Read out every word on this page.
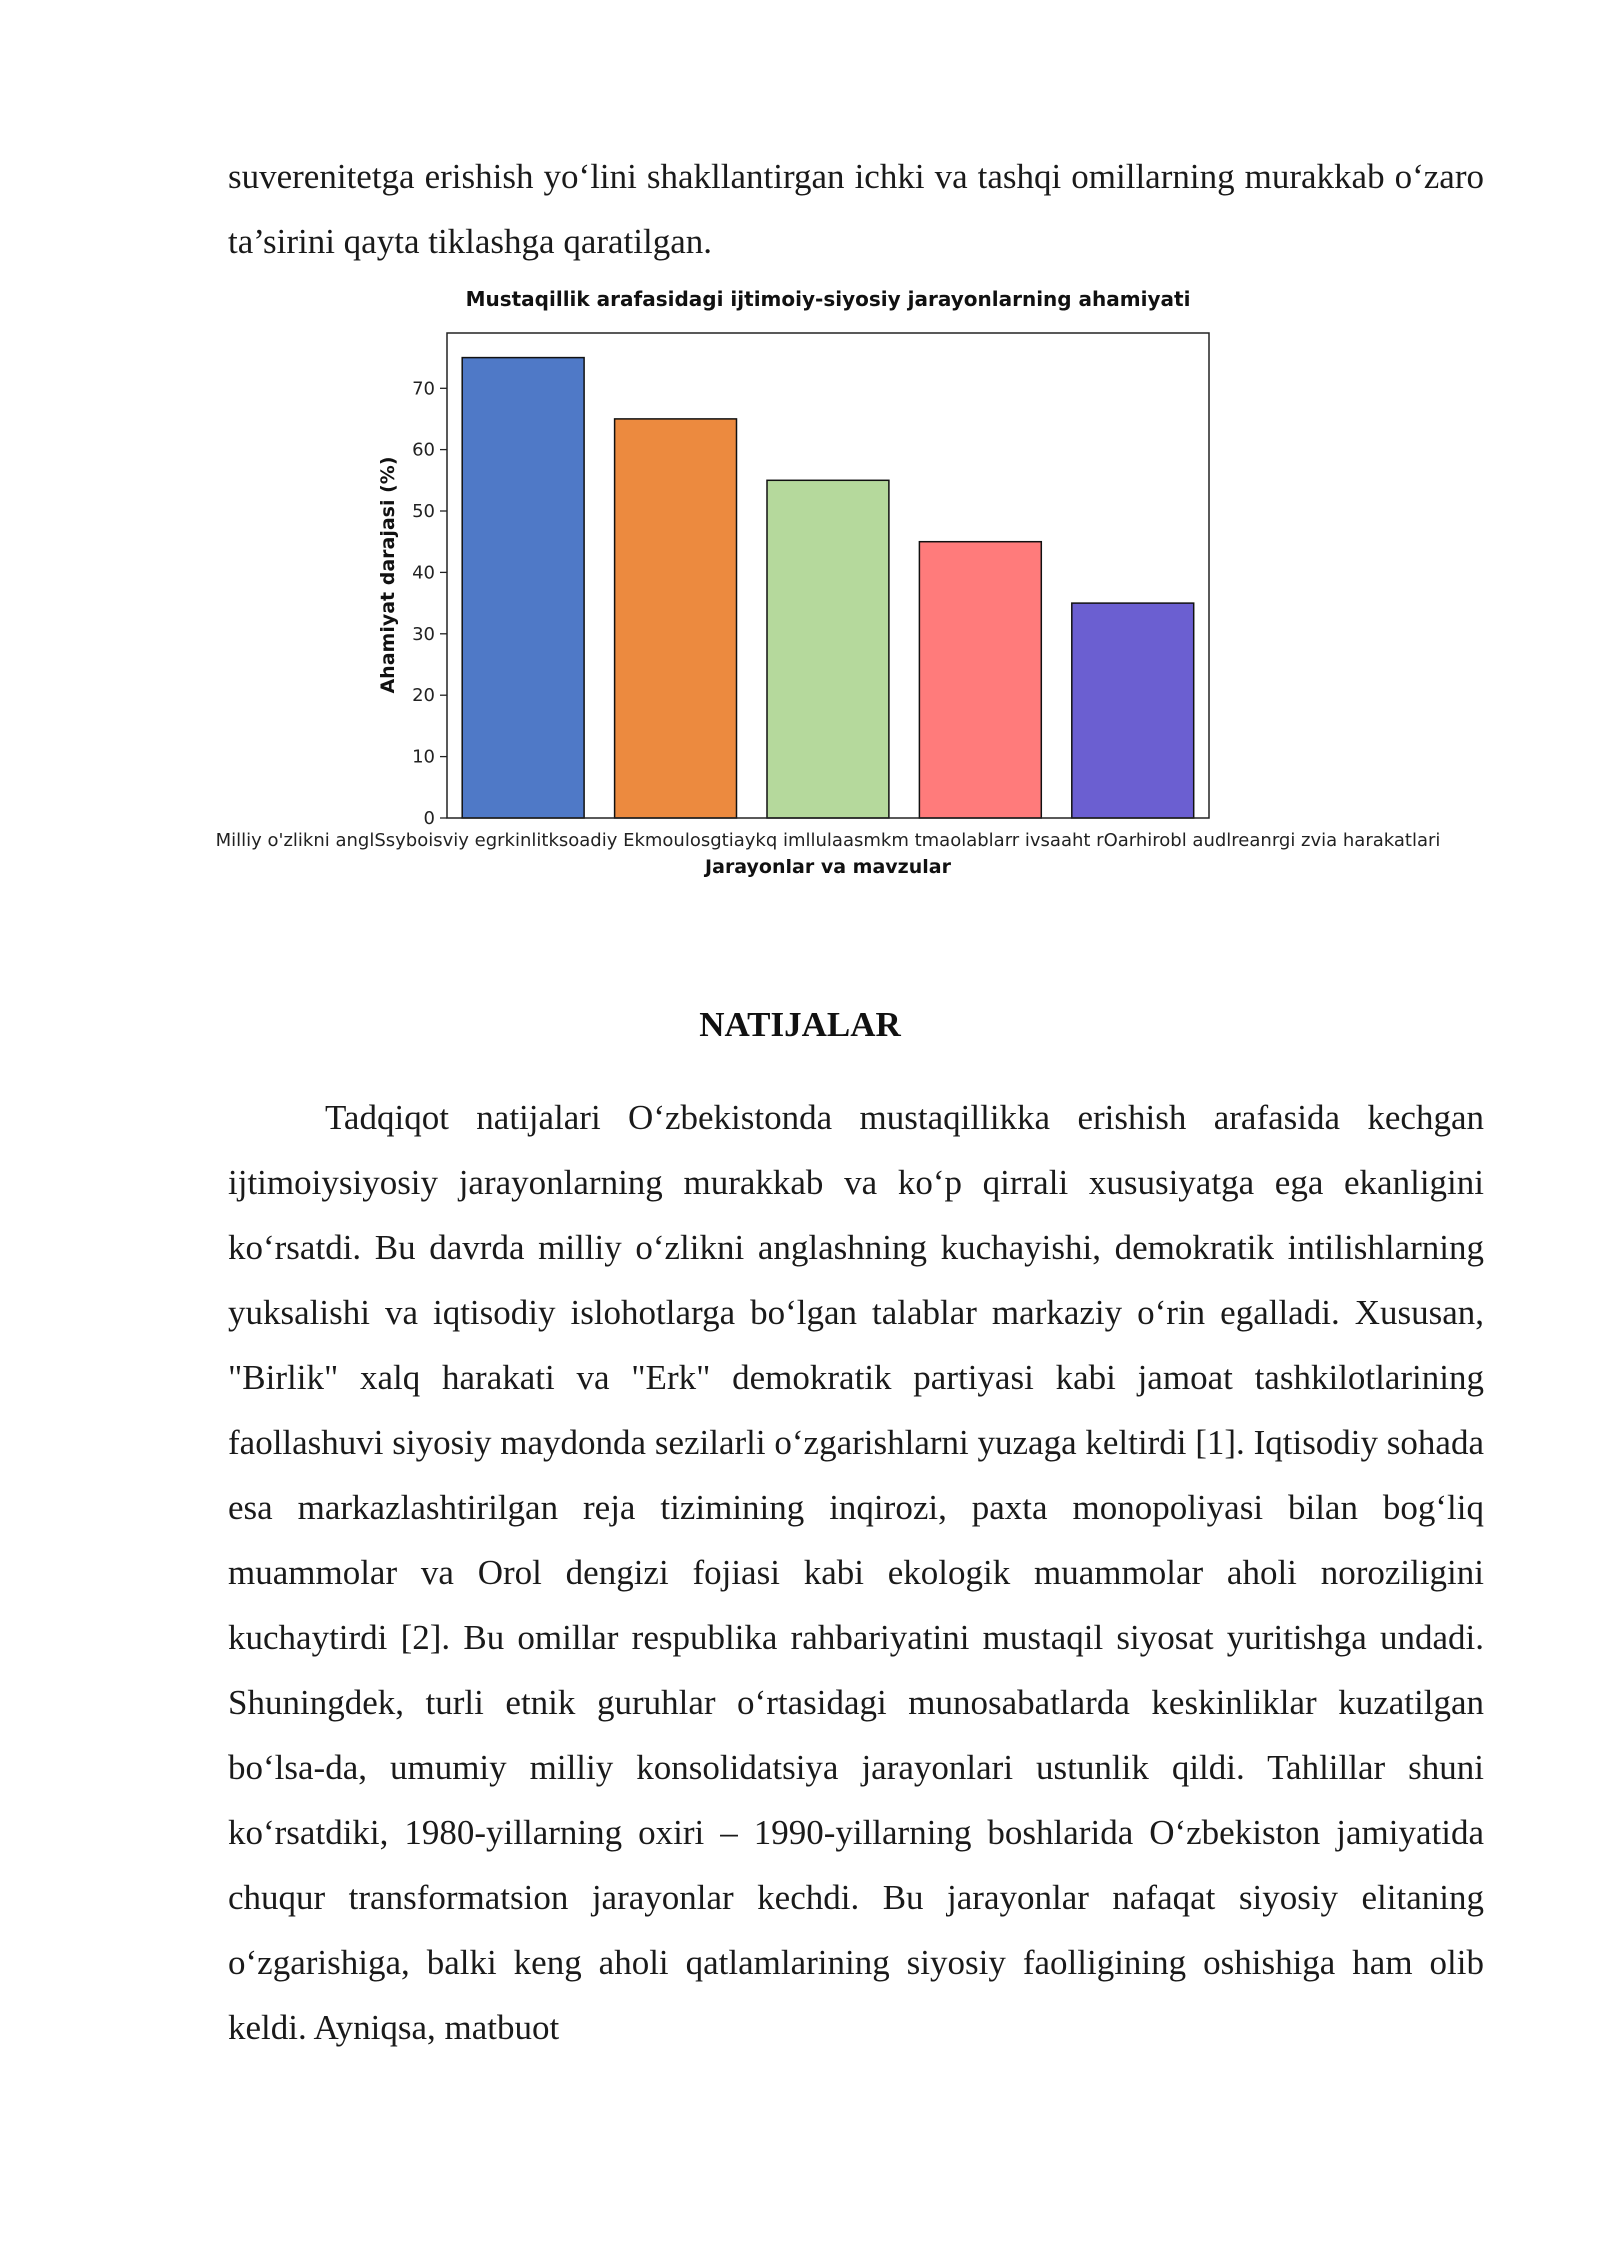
suverenitetga erishish yo‘lini shakllantirgan ichki va tashqi omillarning murakkab o‘zaro ta’sirini qayta tiklashga qaratilgan.

Mustaqillik arafasidagi ijtimoiy-siyosiy jarayonlarning ahamiyati
0
10
20
30
40
50
60
70
Milliy o'zlikni anglSsyboisviy egrkinlitksoadiy Ekmoulosgtiaykq imllulaasmkm tmaolablarr ivsaaht rOarhirobl audlreanrgi zvia harakatlari
Jarayonlar va mavzular
Ahamiyat darajasi (%)
NATIJALAR

Tadqiqot natijalari O‘zbekistonda mustaqillikka erishish arafasida kechgan ijtimoiysiyosiy jarayonlarning murakkab va ko‘p qirrali xususiyatga ega ekanligini ko‘rsatdi. Bu davrda milliy o‘zlikni anglashning kuchayishi, demokratik intilishlarning yuksalishi va iqtisodiy islohotlarga bo‘lgan talablar markaziy o‘rin egalladi. Xususan, "Birlik" xalq harakati va "Erk" demokratik partiyasi kabi jamoat tashkilotlarining faollashuvi siyosiy maydonda sezilarli o‘zgarishlarni yuzaga keltirdi [1]. Iqtisodiy sohada esa markazlashtirilgan reja tizimining inqirozi, paxta monopoliyasi bilan bog‘liq muammolar va Orol dengizi fojiasi kabi ekologik muammolar aholi noroziligini kuchaytirdi [2]. Bu omillar respublika rahbariyatini mustaqil siyosat yuritishga undadi. Shuningdek, turli etnik guruhlar o‘rtasidagi munosabatlarda keskinliklar kuzatilgan bo‘lsa-da, umumiy milliy konsolidatsiya jarayonlari ustunlik qildi. Tahlillar shuni ko‘rsatdiki, 1980-yillarning oxiri – 1990-yillarning boshlarida O‘zbekiston jamiyatida chuqur transformatsion jarayonlar kechdi. Bu jarayonlar nafaqat siyosiy elitaning o‘zgarishiga, balki keng aholi qatlamlarining siyosiy faolligining oshishiga ham olib keldi. Ayniqsa, matbuot
